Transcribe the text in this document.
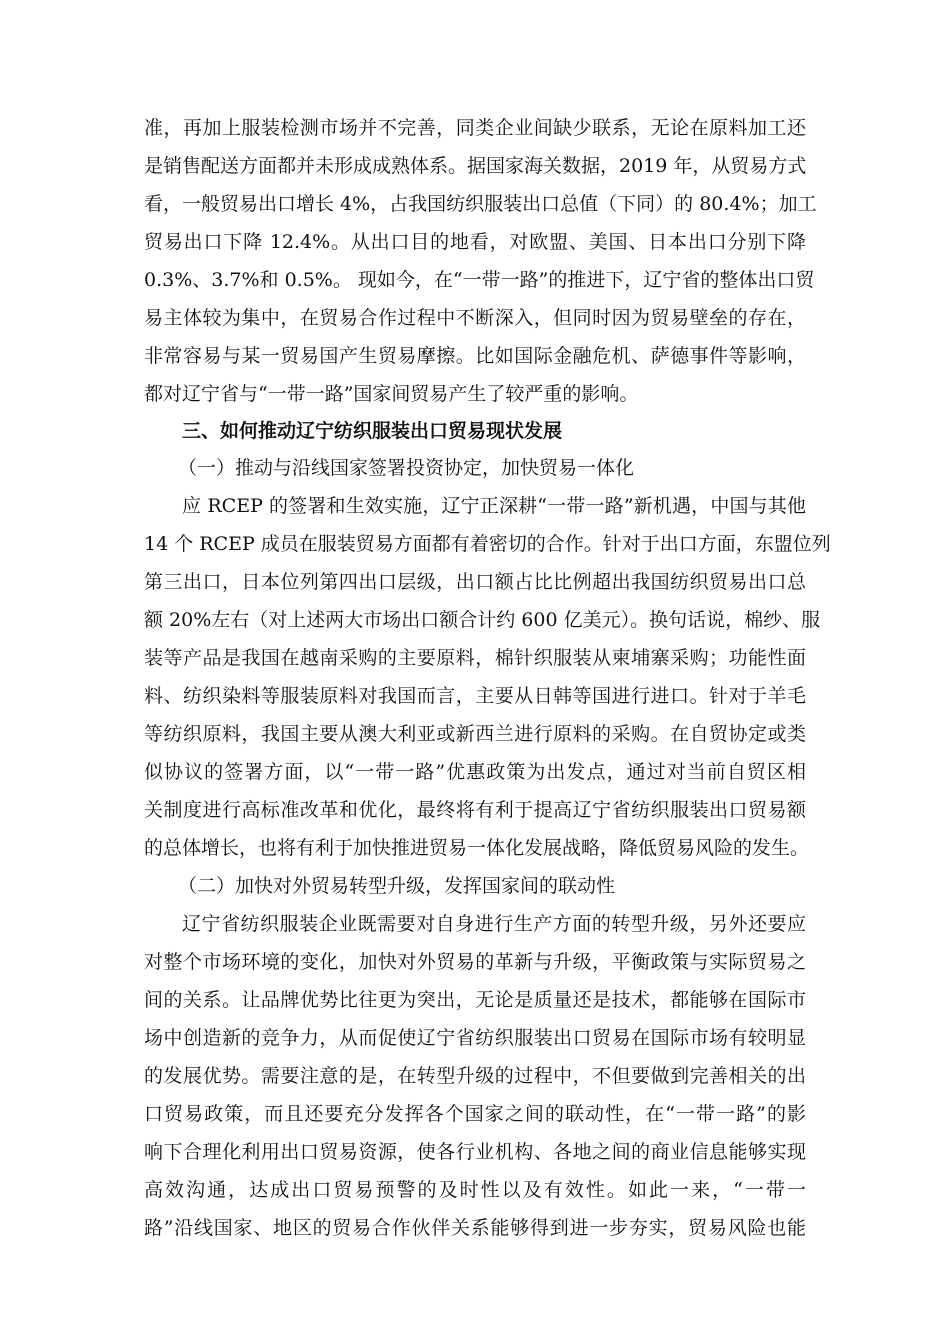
准，再加上服装检测市场并不完善，同类企业间缺少联系，无论在原料加工还
是销售配送方面都并未形成成熟体系。据国家海关数据，2019 年，从贸易方式
看，一般贸易出口增长 4%，占我国纺织服装出口总值（下同）的 80.4%；加工
贸易出口下降 12.4%。从出口目的地看，对欧盟、美国、日本出口分别下降
0.3%、3.7%和 0.5%。 现如今，在“一带一路”的推进下，辽宁省的整体出口贸
易主体较为集中，在贸易合作过程中不断深入，但同时因为贸易壁垒的存在，
非常容易与某一贸易国产生贸易摩擦。比如国际金融危机、萨德事件等影响，
都对辽宁省与“一带一路”国家间贸易产生了较严重的影响。
三、如何推动辽宁纺织服装出口贸易现状发展
（一）推动与沿线国家签署投资协定，加快贸易一体化
应 RCEP 的签署和生效实施，辽宁正深耕“一带一路”新机遇，中国与其他
14 个 RCEP 成员在服装贸易方面都有着密切的合作。针对于出口方面，东盟位列
第三出口，日本位列第四出口层级，出口额占比比例超出我国纺织贸易出口总
额 20%左右（对上述两大市场出口额合计约 600 亿美元）。换句话说，棉纱、服
装等产品是我国在越南采购的主要原料，棉针织服装从柬埔寨采购；功能性面
料、纺织染料等服装原料对我国而言，主要从日韩等国进行进口。针对于羊毛
等纺织原料，我国主要从澳大利亚或新西兰进行原料的采购。在自贸协定或类
似协议的签署方面，以“一带一路”优惠政策为出发点，通过对当前自贸区相
关制度进行高标准改革和优化，最终将有利于提高辽宁省纺织服装出口贸易额
的总体增长，也将有利于加快推进贸易一体化发展战略，降低贸易风险的发生。
（二）加快对外贸易转型升级，发挥国家间的联动性
辽宁省纺织服装企业既需要对自身进行生产方面的转型升级，另外还要应
对整个市场环境的变化，加快对外贸易的革新与升级，平衡政策与实际贸易之
间的关系。让品牌优势比往更为突出，无论是质量还是技术，都能够在国际市
场中创造新的竞争力，从而促使辽宁省纺织服装出口贸易在国际市场有较明显
的发展优势。需要注意的是，在转型升级的过程中，不但要做到完善相关的出
口贸易政策，而且还要充分发挥各个国家之间的联动性，在“一带一路”的影
响下合理化利用出口贸易资源，使各行业机构、各地之间的商业信息能够实现
高效沟通，达成出口贸易预警的及时性以及有效性。如此一来，“一带一
路”沿线国家、地区的贸易合作伙伴关系能够得到进一步夯实，贸易风险也能
